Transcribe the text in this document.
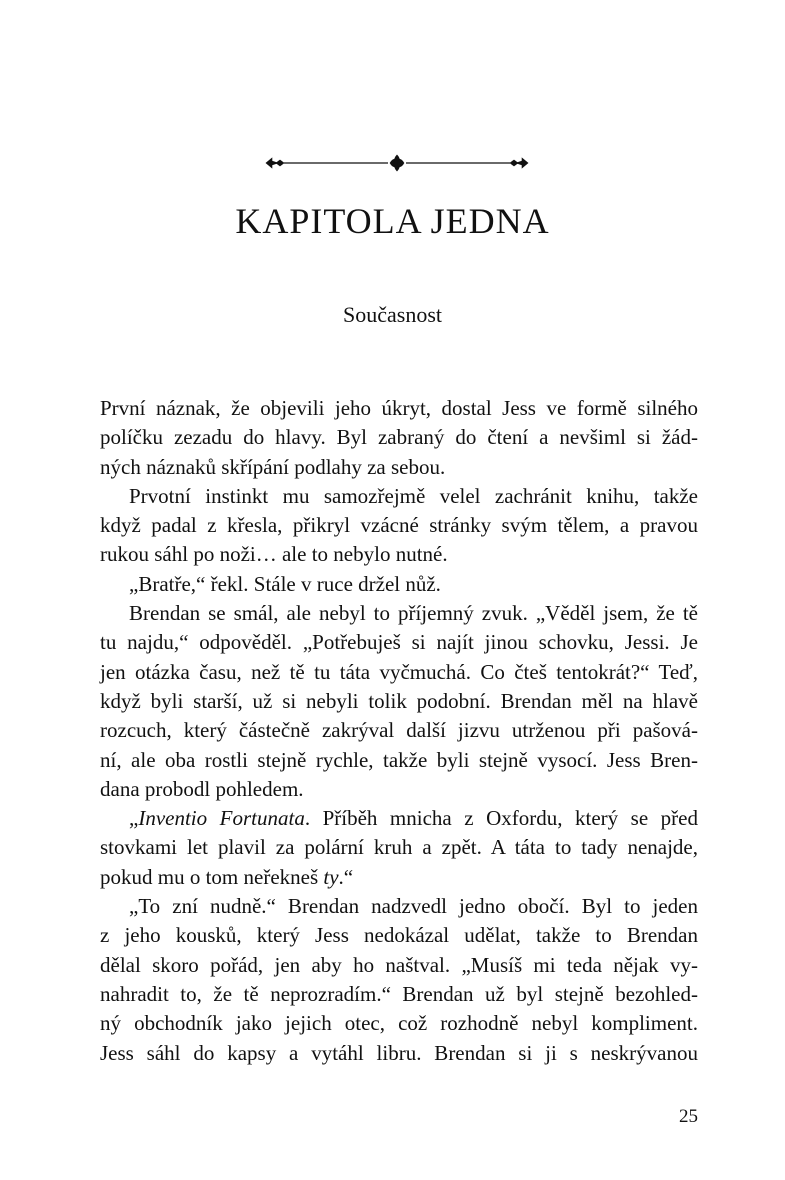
KAPITOLA JEDNA
Současnost
První náznak, že objevili jeho úkryt, dostal Jess ve formě silného
políčku zezadu do hlavy. Byl zabraný do čtení a nevšiml si žád-
ných náznaků skřípání podlahy za sebou.
Prvotní instinkt mu samozřejmě velel zachránit knihu, takže
když padal z křesla, přikryl vzácné stránky svým tělem, a pravou
rukou sáhl po noži… ale to nebylo nutné.
„Bratře,“ řekl. Stále v ruce držel nůž.
Brendan se smál, ale nebyl to příjemný zvuk. „Věděl jsem, že tě
tu najdu,“ odpověděl. „Potřebuješ si najít jinou schovku, Jessi. Je
jen otázka času, než tě tu táta vyčmuchá. Co čteš tentokrát?“ Teď,
když byli starší, už si nebyli tolik podobní. Brendan měl na hlavě
rozcuch, který částečně zakrýval další jizvu utrženou při pašová-
ní, ale oba rostli stejně rychle, takže byli stejně vysocí. Jess Bren-
dana probodl pohledem.
„Inventio Fortunata. Příběh mnicha z Oxfordu, který se před
stovkami let plavil za polární kruh a zpět. A táta to tady nenajde,
pokud mu o tom neřekneš ty.“
„To zní nudně.“ Brendan nadzvedl jedno obočí. Byl to jeden
z jeho kousků, který Jess nedokázal udělat, takže to Brendan
dělal skoro pořád, jen aby ho naštval. „Musíš mi teda nějak vy-
nahradit to, že tě neprozradím.“ Brendan už byl stejně bezohled-
ný obchodník jako jejich otec, což rozhodně nebyl kompliment.
Jess sáhl do kapsy a vytáhl libru. Brendan si ji s neskrývanou
25
